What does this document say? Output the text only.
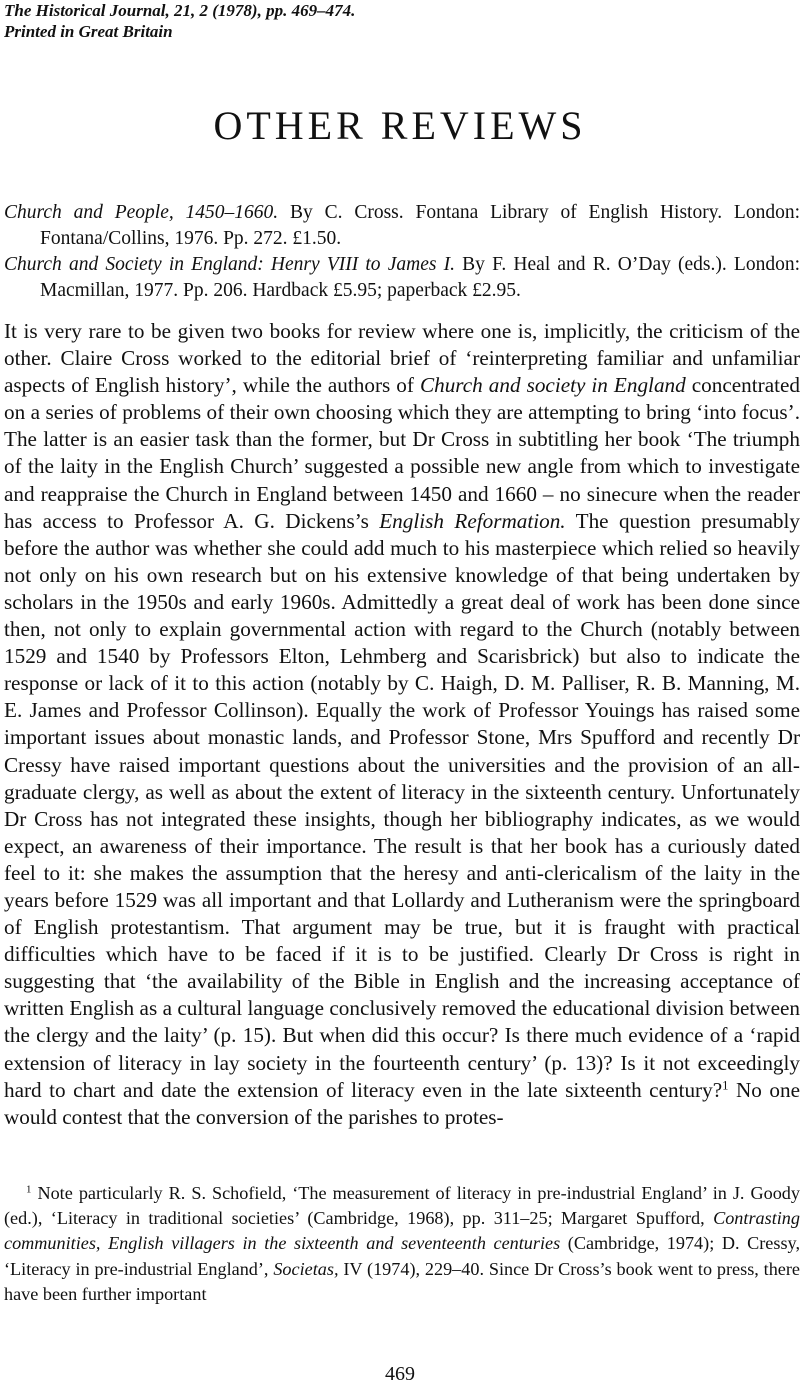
The Historical Journal, 21, 2 (1978), pp. 469–474.
Printed in Great Britain
OTHER REVIEWS

Church and People, 1450–1660. By C. Cross. Fontana Library of English History. London: Fontana/Collins, 1976. Pp. 272. £1.50.

Church and Society in England: Henry VIII to James I. By F. Heal and R. O’Day (eds.). London: Macmillan, 1977. Pp. 206. Hardback £5.95; paperback £2.95.

It is very rare to be given two books for review where one is, implicitly, the criticism of the other. Claire Cross worked to the editorial brief of ‘reinterpreting familiar and unfamiliar aspects of English history’, while the authors of Church and society in England concentrated on a series of problems of their own choosing which they are attempting to bring ‘into focus’. The latter is an easier task than the former, but Dr Cross in subtitling her book ‘The triumph of the laity in the English Church’ suggested a possible new angle from which to investigate and reappraise the Church in England between 1450 and 1660 – no sinecure when the reader has access to Professor A. G. Dickens’s English Reformation. The question presumably before the author was whether she could add much to his masterpiece which relied so heavily not only on his own research but on his extensive knowledge of that being undertaken by scholars in the 1950s and early 1960s. Admittedly a great deal of work has been done since then, not only to explain governmental action with regard to the Church (notably between 1529 and 1540 by Professors Elton, Lehmberg and Scarisbrick) but also to indicate the response or lack of it to this action (notably by C. Haigh, D. M. Palliser, R. B. Manning, M. E. James and Professor Collinson). Equally the work of Professor Youings has raised some important issues about monastic lands, and Professor Stone, Mrs Spufford and recently Dr Cressy have raised important questions about the universities and the provision of an all-graduate clergy, as well as about the extent of literacy in the sixteenth century. Unfortunately Dr Cross has not integrated these insights, though her bibliography indicates, as we would expect, an awareness of their importance. The result is that her book has a curiously dated feel to it: she makes the assumption that the heresy and anti-clericalism of the laity in the years before 1529 was all important and that Lollardy and Lutheranism were the springboard of English protestantism. That argument may be true, but it is fraught with practical difficulties which have to be faced if it is to be justified. Clearly Dr Cross is right in suggesting that ‘the availability of the Bible in English and the increasing acceptance of written English as a cultural language conclusively removed the educational division between the clergy and the laity’ (p. 15). But when did this occur? Is there much evidence of a ‘rapid extension of literacy in lay society in the fourteenth century’ (p. 13)? Is it not exceedingly hard to chart and date the extension of literacy even in the late sixteenth century?$^1$ No one would contest that the conversion of the parishes to protes-

$^1$ Note particularly R. S. Schofield, ‘The measurement of literacy in pre-industrial England’ in J. Goody (ed.), ‘Literacy in traditional societies’ (Cambridge, 1968), pp. 311–25; Margaret Spufford, Contrasting communities, English villagers in the sixteenth and seventeenth centuries (Cambridge, 1974); D. Cressy, ‘Literacy in pre-industrial England’, Societas, IV (1974), 229–40. Since Dr Cross’s book went to press, there have been further important

469
